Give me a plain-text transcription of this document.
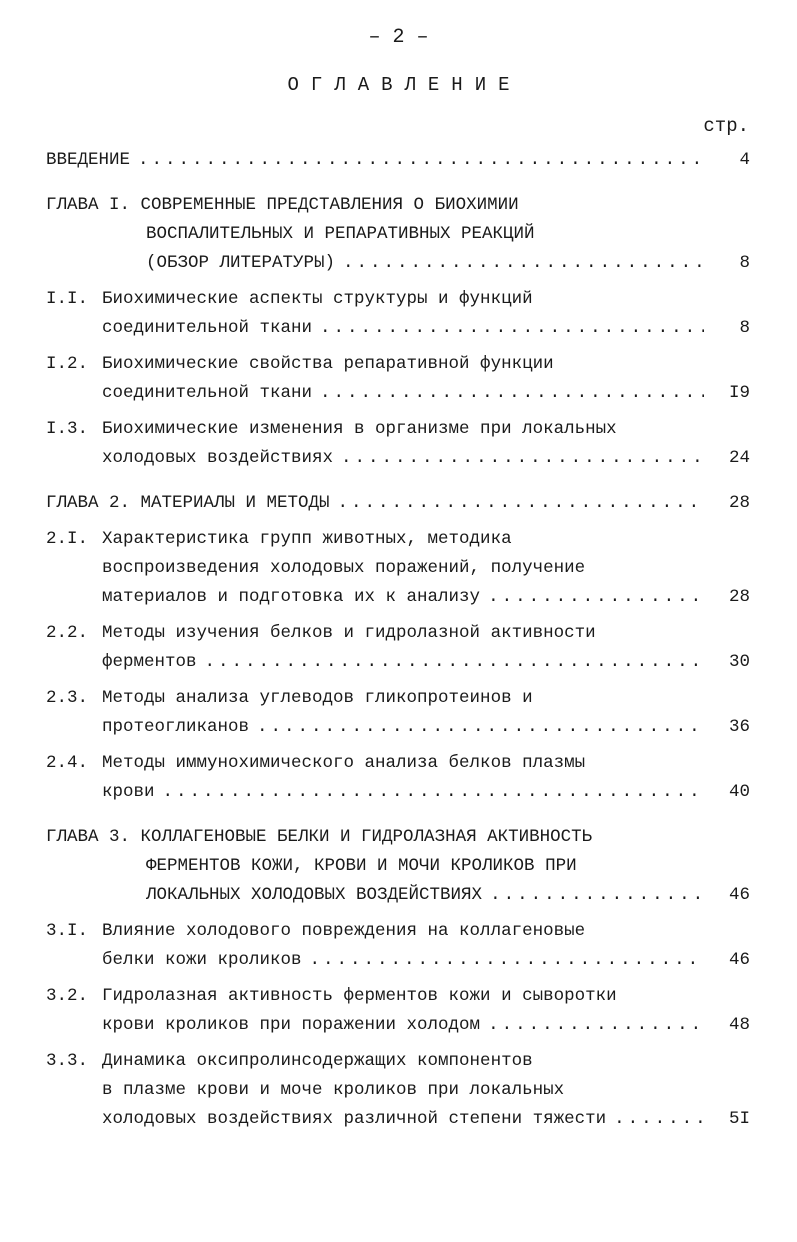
– 2 –
ОГЛАВЛЕНИЕ
стр.
ВВЕДЕНИЕ .....	4
ГЛАВА I. СОВРЕМЕННЫЕ ПРЕДСТАВЛЕНИЯ О БИОХИМИИ
ВОСПАЛИТЕЛЬНЫХ И РЕПАРАТИВНЫХ РЕАКЦИЙ
(ОБЗОР ЛИТЕРАТУРЫ) .....	8
I.I. Биохимические аспекты структуры и функций
соединительной ткани .....	8
I.2. Биохимические свойства репаративной функции
соединительной ткани .....	I9
I.3. Биохимические изменения в организме при локальных
холодовых воздействиях .....	24
ГЛАВА 2. МАТЕРИАЛЫ И МЕТОДЫ .....	28
2.I. Характеристика групп животных, методика
воспроизведения холодовых поражений, получение
материалов и подготовка их к анализу .....	28
2.2. Методы изучения белков и гидролазной активности
ферментов .....	30
2.3. Методы анализа углеводов гликопротеинов и
протеогликанов .....	36
2.4. Методы иммунохимического анализа белков плазмы
крови .....	40
ГЛАВА 3. КОЛЛАГЕНОВЫЕ БЕЛКИ И ГИДРОЛАЗНАЯ АКТИВНОСТЬ
ФЕРМЕНТОВ КОЖИ, КРОВИ И МОЧИ КРОЛИКОВ ПРИ
ЛОКАЛЬНЫХ ХОЛОДОВЫХ ВОЗДЕЙСТВИЯХ .....	46
3.I. Влияние холодового повреждения на коллагеновые
белки кожи кроликов .....	46
3.2. Гидролазная активность ферментов кожи и сыворотки
крови кроликов при поражении холодом .....	48
3.3. Динамика оксипролинсодержащих компонентов
в плазме крови и моче кроликов при локальных
холодовых воздействиях различной степени тяжести .....	5I
